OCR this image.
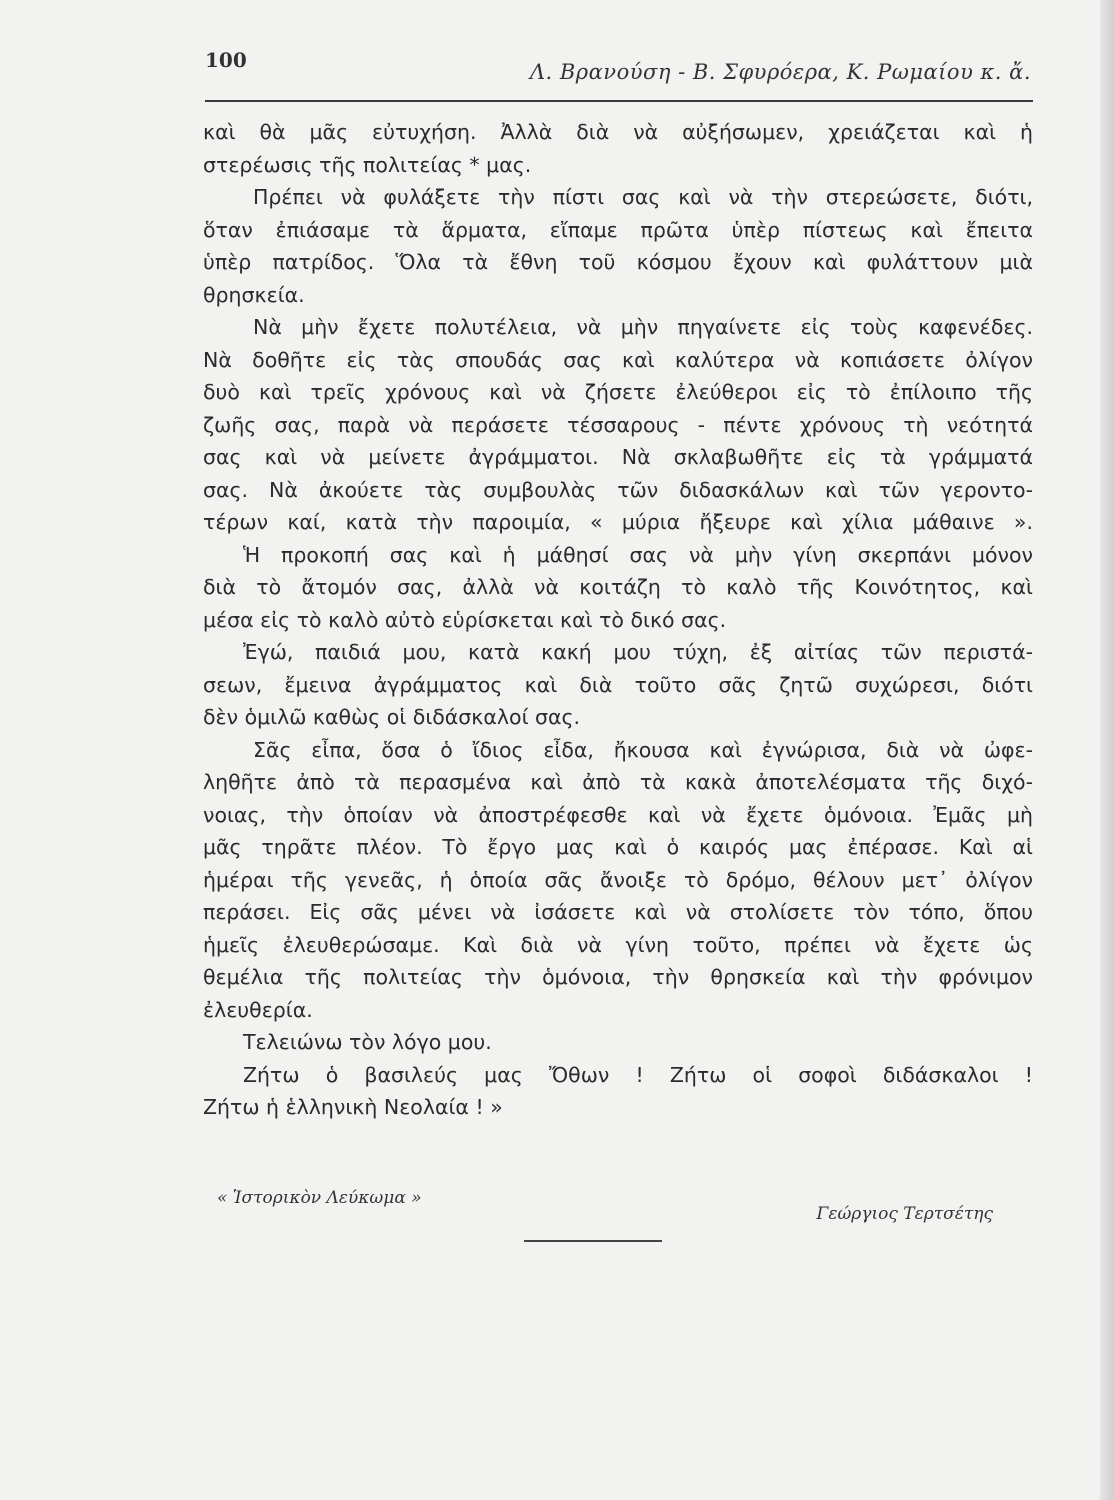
100	Λ. Βρανούση - Β. Σφυρόερα, Κ. Ρωμαίου κ. ἄ.
καὶ θὰ μᾶς εὐτυχήση. Ἀλλὰ διὰ νὰ αὐξήσωμεν, χρειάζεται καὶ ἡ
στερέωσις τῆς πολιτείας * μας.
Πρέπει νὰ φυλάξετε τὴν πίστι σας καὶ νὰ τὴν στερεώσετε, διότι,
ὅταν ἐπιάσαμε τὰ ἅρματα, εἴπαμε πρῶτα ὑπὲρ πίστεως καὶ ἔπειτα
ὑπὲρ πατρίδος. Ὅλα τὰ ἔθνη τοῦ κόσμου ἔχουν καὶ φυλάττουν μιὰ
θρησκεία.
Νὰ μὴν ἔχετε πολυτέλεια, νὰ μὴν πηγαίνετε εἰς τοὺς καφενέδες.
Νὰ δοθῆτε εἰς τὰς σπουδάς σας καὶ καλύτερα νὰ κοπιάσετε ὀλίγον
δυὸ καὶ τρεῖς χρόνους καὶ νὰ ζήσετε ἐλεύθεροι εἰς τὸ ἐπίλοιπο τῆς
ζωῆς σας, παρὰ νὰ περάσετε τέσσαρους - πέντε χρόνους τὴ νεότητά
σας καὶ νὰ μείνετε ἀγράμματοι. Νὰ σκλαβωθῆτε εἰς τὰ γράμματά
σας. Νὰ ἀκούετε τὰς συμβουλὰς τῶν διδασκάλων καὶ τῶν γεροντο-
τέρων καί, κατὰ τὴν παροιμία, « μύρια ἤξευρε καὶ χίλια μάθαινε ».
Ἡ προκοπή σας καὶ ἡ μάθησί σας νὰ μὴν γίνη σκερπάνι μόνον
διὰ τὸ ἄτομόν σας, ἀλλὰ νὰ κοιτάζη τὸ καλὸ τῆς Κοινότητος, καὶ
μέσα εἰς τὸ καλὸ αὐτὸ εὑρίσκεται καὶ τὸ δικό σας.
Ἐγώ, παιδιά μου, κατὰ κακή μου τύχη, ἐξ αἰτίας τῶν περιστά-
σεων, ἔμεινα ἀγράμματος καὶ διὰ τοῦτο σᾶς ζητῶ συχώρεσι, διότι
δὲν ὁμιλῶ καθὼς οἱ διδάσκαλοί σας.
Σᾶς εἶπα, ὅσα ὁ ἴδιος εἶδα, ἤκουσα καὶ ἐγνώρισα, διὰ νὰ ὠφε-
ληθῆτε ἀπὸ τὰ περασμένα καὶ ἀπὸ τὰ κακὰ ἀποτελέσματα τῆς διχό-
νοιας, τὴν ὁποίαν νὰ ἀποστρέφεσθε καὶ νὰ ἔχετε ὁμόνοια. Ἐμᾶς μὴ
μᾶς τηρᾶτε πλέον. Τὸ ἔργο μας καὶ ὁ καιρός μας ἐπέρασε. Καὶ αἱ
ἡμέραι τῆς γενεᾶς, ἡ ὁποία σᾶς ἄνοιξε τὸ δρόμο, θέλουν μετ᾽ ὀλίγον
περάσει. Εἰς σᾶς μένει νὰ ἰσάσετε καὶ νὰ στολίσετε τὸν τόπο, ὅπου
ἡμεῖς ἐλευθερώσαμε. Καὶ διὰ νὰ γίνη τοῦτο, πρέπει νὰ ἔχετε ὡς
θεμέλια τῆς πολιτείας τὴν ὁμόνοια, τὴν θρησκεία καὶ τὴν φρόνιμον
ἐλευθερία.
Τελειώνω τὸν λόγο μου.
Ζήτω ὁ βασιλεύς μας Ὄθων ! Ζήτω οἱ σοφοὶ διδάσκαλοι !
Ζήτω ἡ ἑλληνικὴ Νεολαία ! »
« Ἱστορικὸν Λεύκωμα »
Γεώργιος Τερτσέτης
